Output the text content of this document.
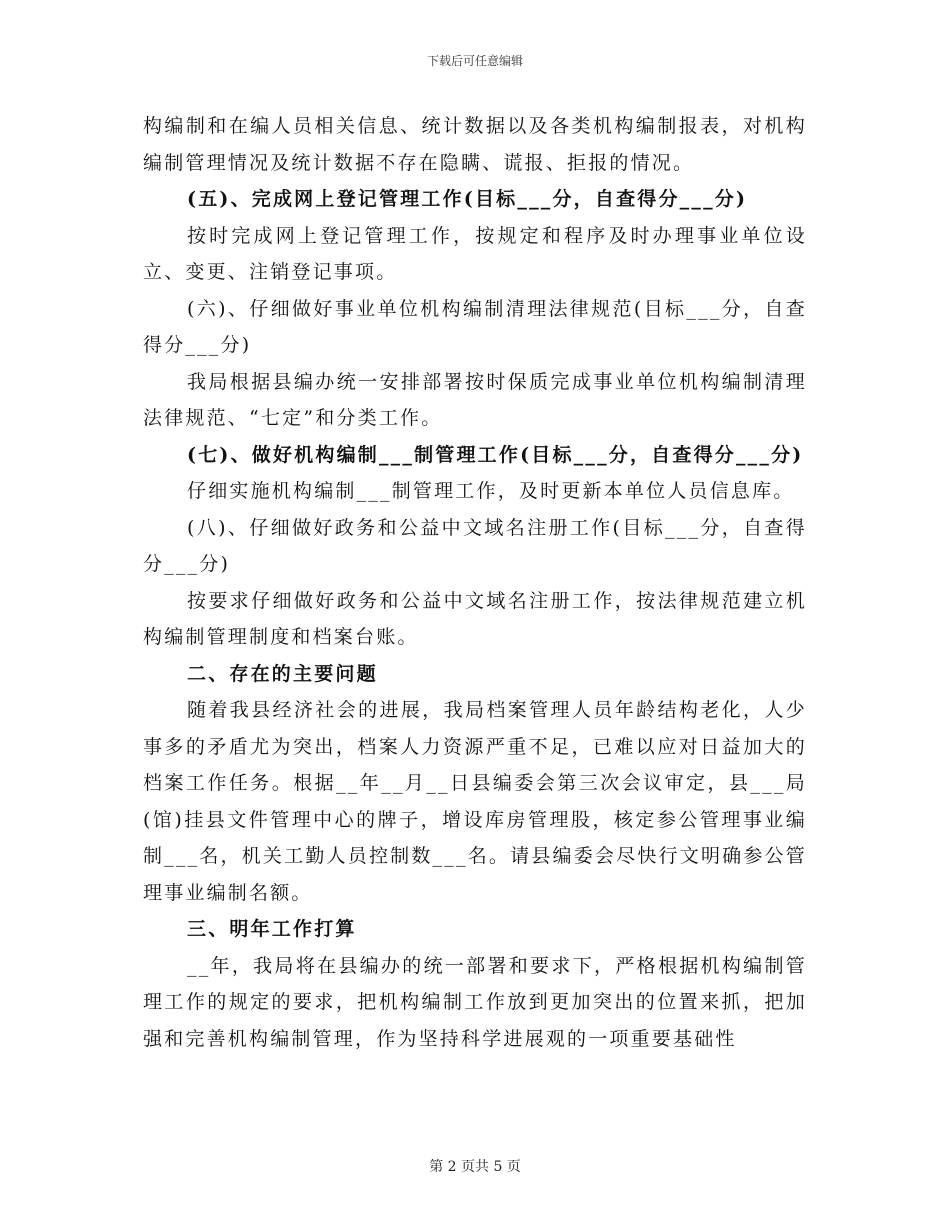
下载后可任意编辑

构编制和在编人员相关信息、统计数据以及各类机构编制报表，对机构编制管理情况及统计数据不存在隐瞒、谎报、拒报的情况。

(五)、完成网上登记管理工作(目标___分，自查得分___分)

按时完成网上登记管理工作，按规定和程序及时办理事业单位设立、变更、注销登记事项。

(六)、仔细做好事业单位机构编制清理法律规范(目标___分，自查得分___分)

我局根据县编办统一安排部署按时保质完成事业单位机构编制清理法律规范、“七定”和分类工作。

(七)、做好机构编制___制管理工作(目标___分，自查得分___分)

仔细实施机构编制___制管理工作，及时更新本单位人员信息库。

(八)、仔细做好政务和公益中文域名注册工作(目标___分，自查得分___分)

按要求仔细做好政务和公益中文域名注册工作，按法律规范建立机构编制管理制度和档案台账。

二、存在的主要问题

随着我县经济社会的进展，我局档案管理人员年龄结构老化，人少事多的矛盾尤为突出，档案人力资源严重不足，已难以应对日益加大的档案工作任务。根据__年__月__日县编委会第三次会议审定，县___局(馆)挂县文件管理中心的牌子，增设库房管理股，核定参公管理事业编制___名，机关工勤人员控制数___名。请县编委会尽快行文明确参公管理事业编制名额。

三、明年工作打算

__年，我局将在县编办的统一部署和要求下，严格根据机构编制管理工作的规定的要求，把机构编制工作放到更加突出的位置来抓，把加强和完善机构编制管理，作为坚持科学进展观的一项重要基础性

第 2 页共 5 页
